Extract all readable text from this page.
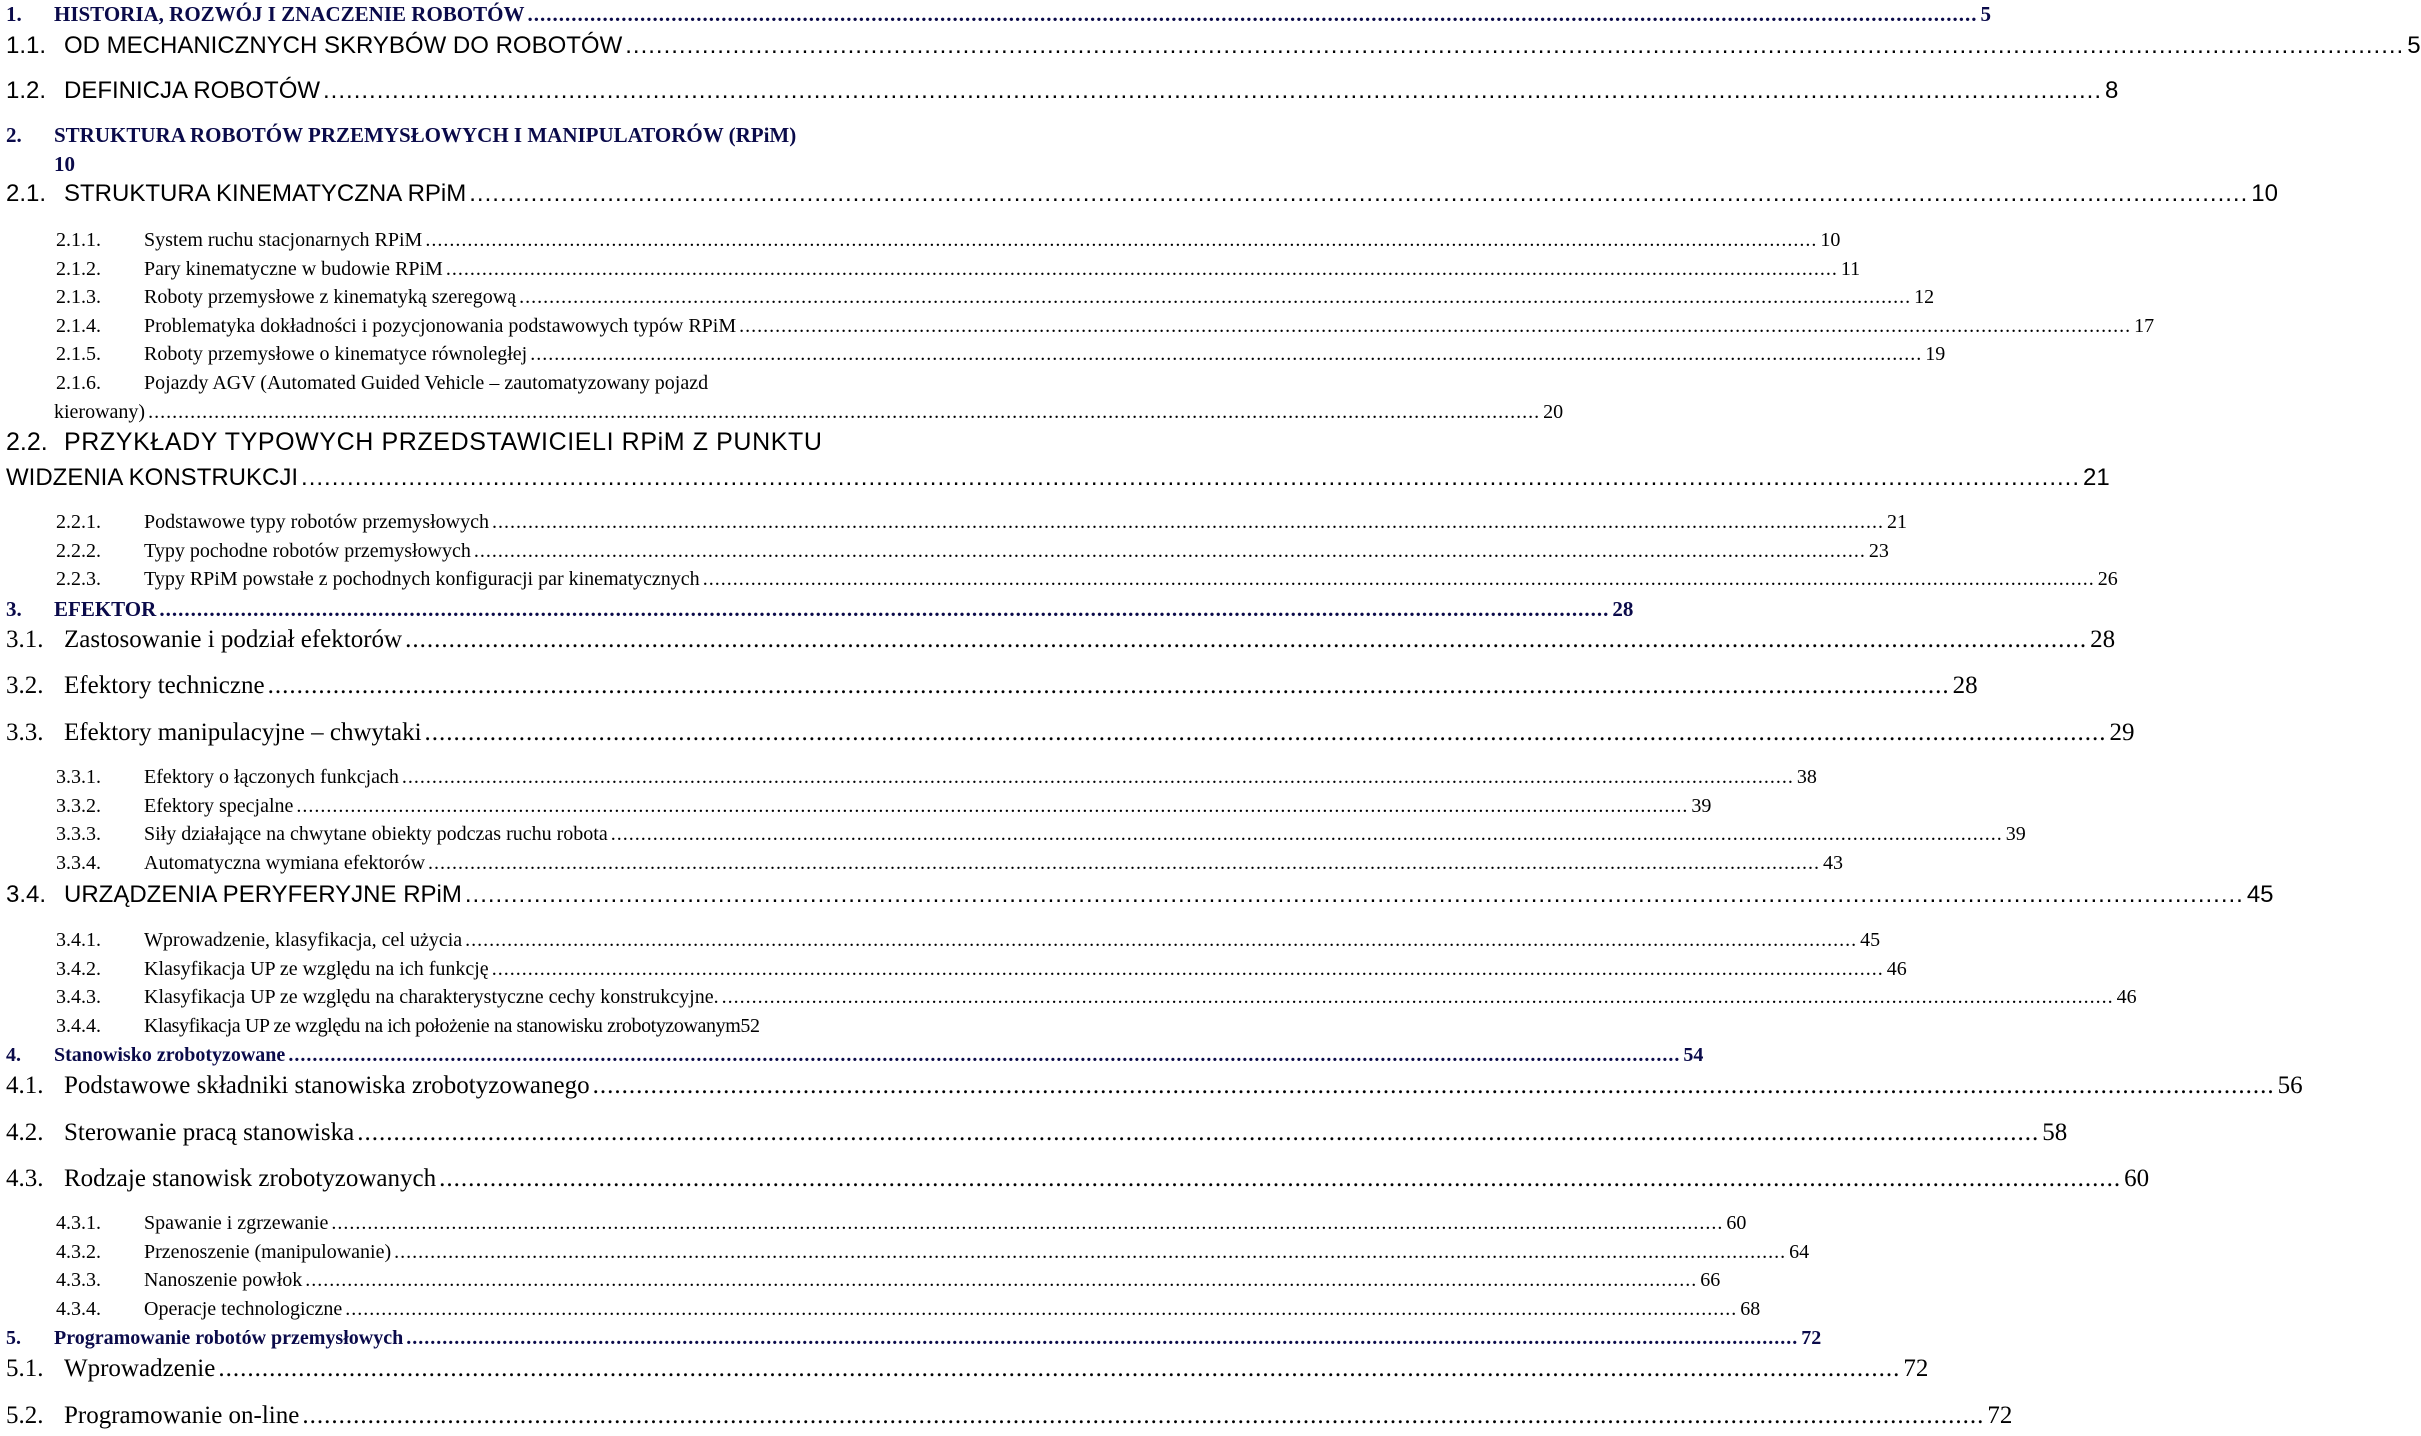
1. HISTORIA, ROZWÓJ I ZNACZENIE ROBOTÓW .....	5
1.1. OD MECHANICZNYCH SKRYBÓW DO ROBOTÓW .....	5
1.2. DEFINICJA ROBOTÓW .....	8
2. STRUKTURA ROBOTÓW PRZEMYSŁOWYCH I MANIPULATORÓW (RPiM)
10
2.1. STRUKTURA KINEMATYCZNA RPiM .....	10
2.1.1. System ruchu stacjonarnych RPiM .....	10
2.1.2. Pary kinematyczne w budowie RPiM .....	11
2.1.3. Roboty przemysłowe z kinematyką szeregową .....	12
2.1.4. Problematyka dokładności i pozycjonowania podstawowych typów RPiM .....	17
2.1.5. Roboty przemysłowe o kinematyce równoległej .....	19
2.1.6. Pojazdy AGV (Automated Guided Vehicle – zautomatyzowany pojazd
kierowany) .....	20
2.2. PRZYKŁADY TYPOWYCH PRZEDSTAWICIELI RPiM Z PUNKTU
WIDZENIA KONSTRUKCJI .....	21
2.2.1. Podstawowe typy robotów przemysłowych .....	21
2.2.2. Typy pochodne robotów przemysłowych .....	23
2.2.3. Typy RPiM powstałe z pochodnych konfiguracji par kinematycznych .....	26
3. EFEKTOR .....	28
3.1. Zastosowanie i podział efektorów .....	28
3.2. Efektory techniczne .....	28
3.3. Efektory manipulacyjne – chwytaki .....	29
3.3.1. Efektory o łączonych funkcjach .....	38
3.3.2. Efektory specjalne .....	39
3.3.3. Siły działające na chwytane obiekty podczas ruchu robota .....	39
3.3.4. Automatyczna wymiana efektorów .....	43
3.4. URZĄDZENIA PERYFERYJNE RPiM .....	45
3.4.1. Wprowadzenie, klasyfikacja, cel użycia .....	45
3.4.2. Klasyfikacja UP ze względu na ich funkcję .....	46
3.4.3. Klasyfikacja UP ze względu na charakterystyczne cechy konstrukcyjne. .....	46
3.4.4. Klasyfikacja UP ze względu na ich położenie na stanowisku zrobotyzowanym 52
4. Stanowisko zrobotyzowane .....	54
4.1. Podstawowe składniki stanowiska zrobotyzowanego .....	56
4.2. Sterowanie pracą stanowiska .....	58
4.3. Rodzaje stanowisk zrobotyzowanych .....	60
4.3.1. Spawanie i zgrzewanie .....	60
4.3.2. Przenoszenie (manipulowanie) .....	64
4.3.3. Nanoszenie powłok .....	66
4.3.4. Operacje technologiczne .....	68
5. Programowanie robotów przemysłowych .....	72
5.1. Wprowadzenie .....	72
5.2. Programowanie on-line .....	72
